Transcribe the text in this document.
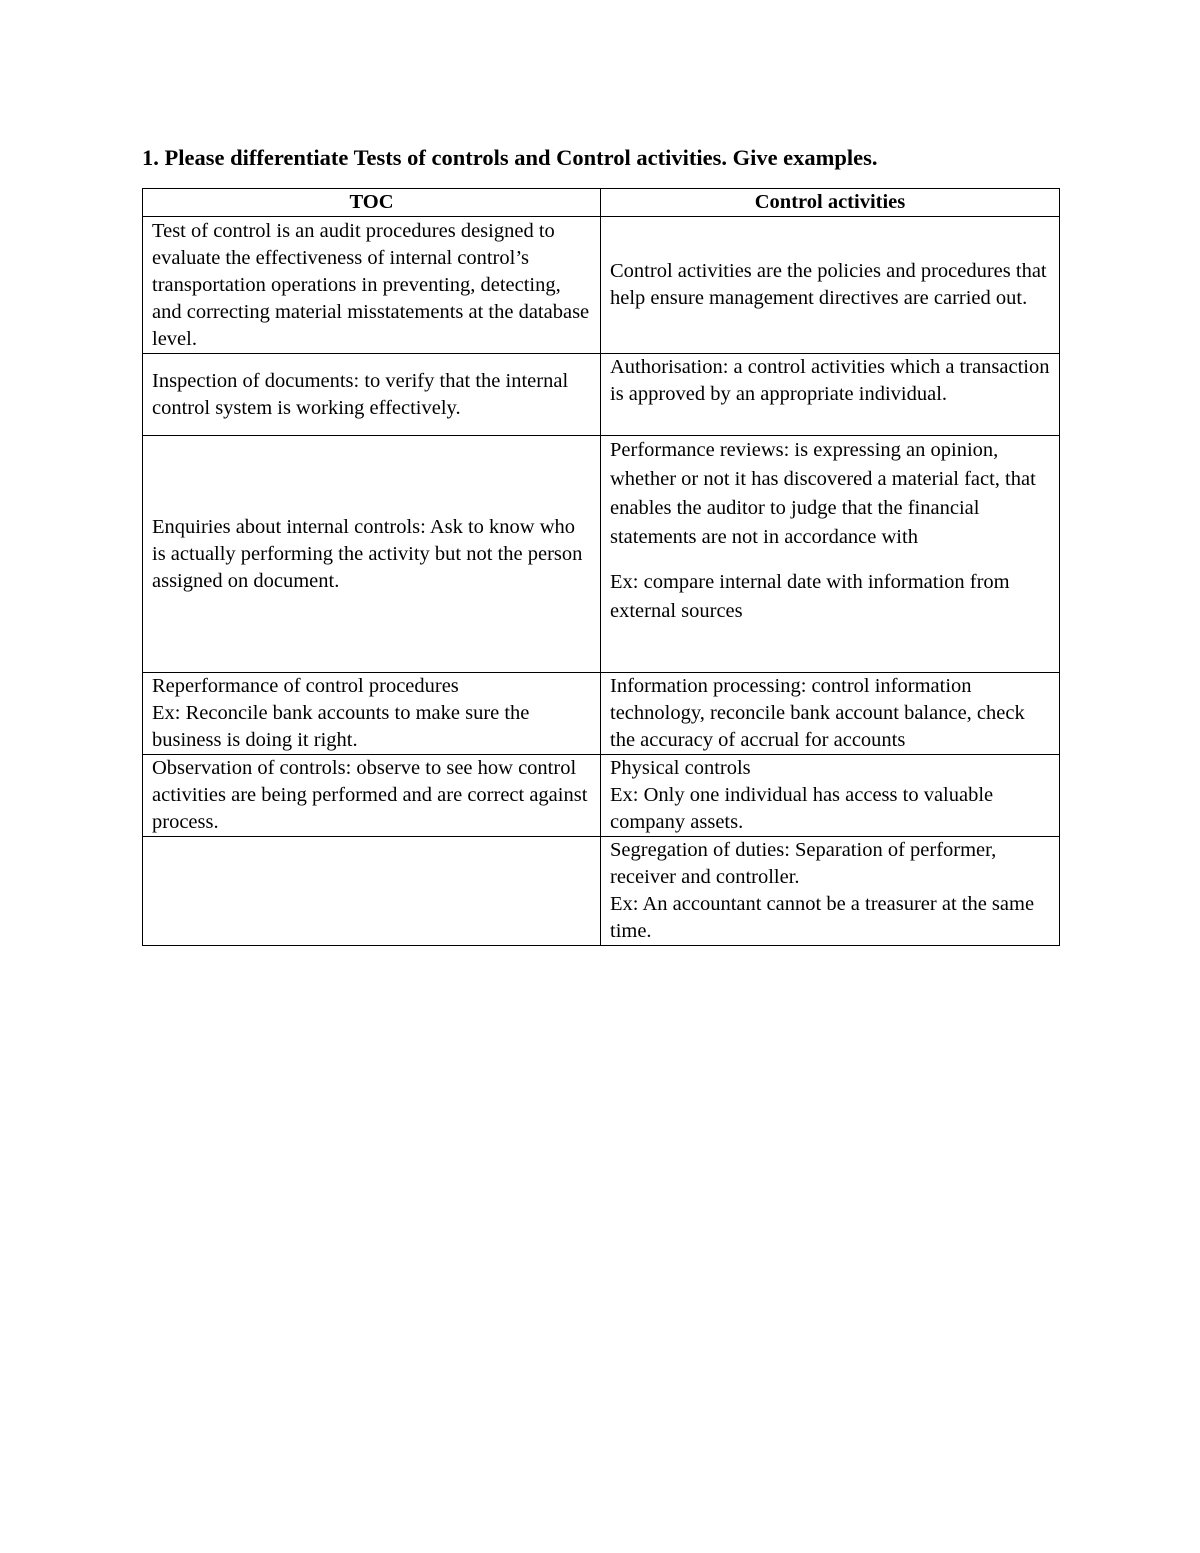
1. Please differentiate Tests of controls and Control activities. Give examples.
TOC	Control activities

Test of control is an audit procedures designed to evaluate the effectiveness of internal control’s transportation operations in preventing, detecting, and correcting material misstatements at the database level.	Control activities are the policies and procedures that help ensure management directives are carried out.

Inspection of documents: to verify that the internal control system is working effectively.	Authorisation: a control activities which a transaction is approved by an appropriate individual.

Enquiries about internal controls: Ask to know who is actually performing the activity but not the person assigned on document.	Performance reviews: is expressing an opinion, whether or not it has discovered a material fact, that enables the auditor to judge that the financial statements are not in accordance with
Ex: compare internal date with information from external sources

Reperformance of control procedures
Ex: Reconcile bank accounts to make sure the business is doing it right.	Information processing: control information technology, reconcile bank account balance, check the accuracy of accrual for accounts

Observation of controls: observe to see how control activities are being performed and are correct against process.	Physical controls
Ex: Only one individual has access to valuable company assets.

	Segregation of duties: Separation of performer, receiver and controller.
Ex: An accountant cannot be a treasurer at the same time.
